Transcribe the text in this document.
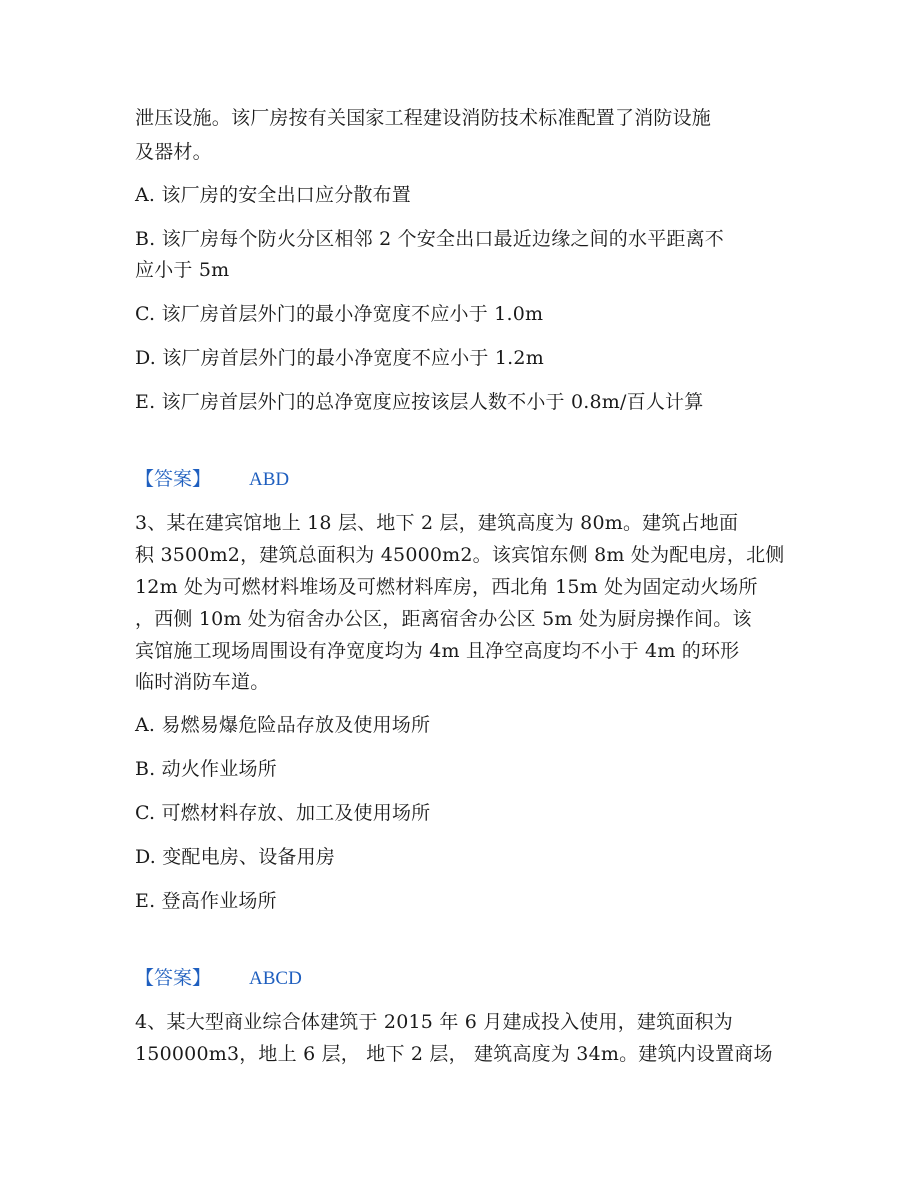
泄压设施。该厂房按有关国家工程建设消防技术标准配置了消防设施
及器材。
A. 该厂房的安全出口应分散布置
B. 该厂房每个防火分区相邻 2 个安全出口最近边缘之间的水平距离不
应小于 5m
C. 该厂房首层外门的最小净宽度不应小于 1.0m
D. 该厂房首层外门的最小净宽度不应小于 1.2m
E. 该厂房首层外门的总净宽度应按该层人数不小于 0.8m/百人计算
【答案】 ABD
3、某在建宾馆地上 18 层、地下 2 层，建筑高度为 80m。建筑占地面
积 3500m2，建筑总面积为 45000m2。该宾馆东侧 8m 处为配电房，北侧
12m 处为可燃材料堆场及可燃材料库房，西北角 15m 处为固定动火场所
，西侧 10m 处为宿舍办公区，距离宿舍办公区 5m 处为厨房操作间。该
宾馆施工现场周围设有净宽度均为 4m 且净空高度均不小于 4m 的环形
临时消防车道。
A. 易燃易爆危险品存放及使用场所
B. 动火作业场所
C. 可燃材料存放、加工及使用场所
D. 变配电房、设备用房
E. 登高作业场所
【答案】 ABCD
4、某大型商业综合体建筑于 2015 年 6 月建成投入使用，建筑面积为
150000m3，地上 6 层， 地下 2 层， 建筑高度为 34m。建筑内设置商场
